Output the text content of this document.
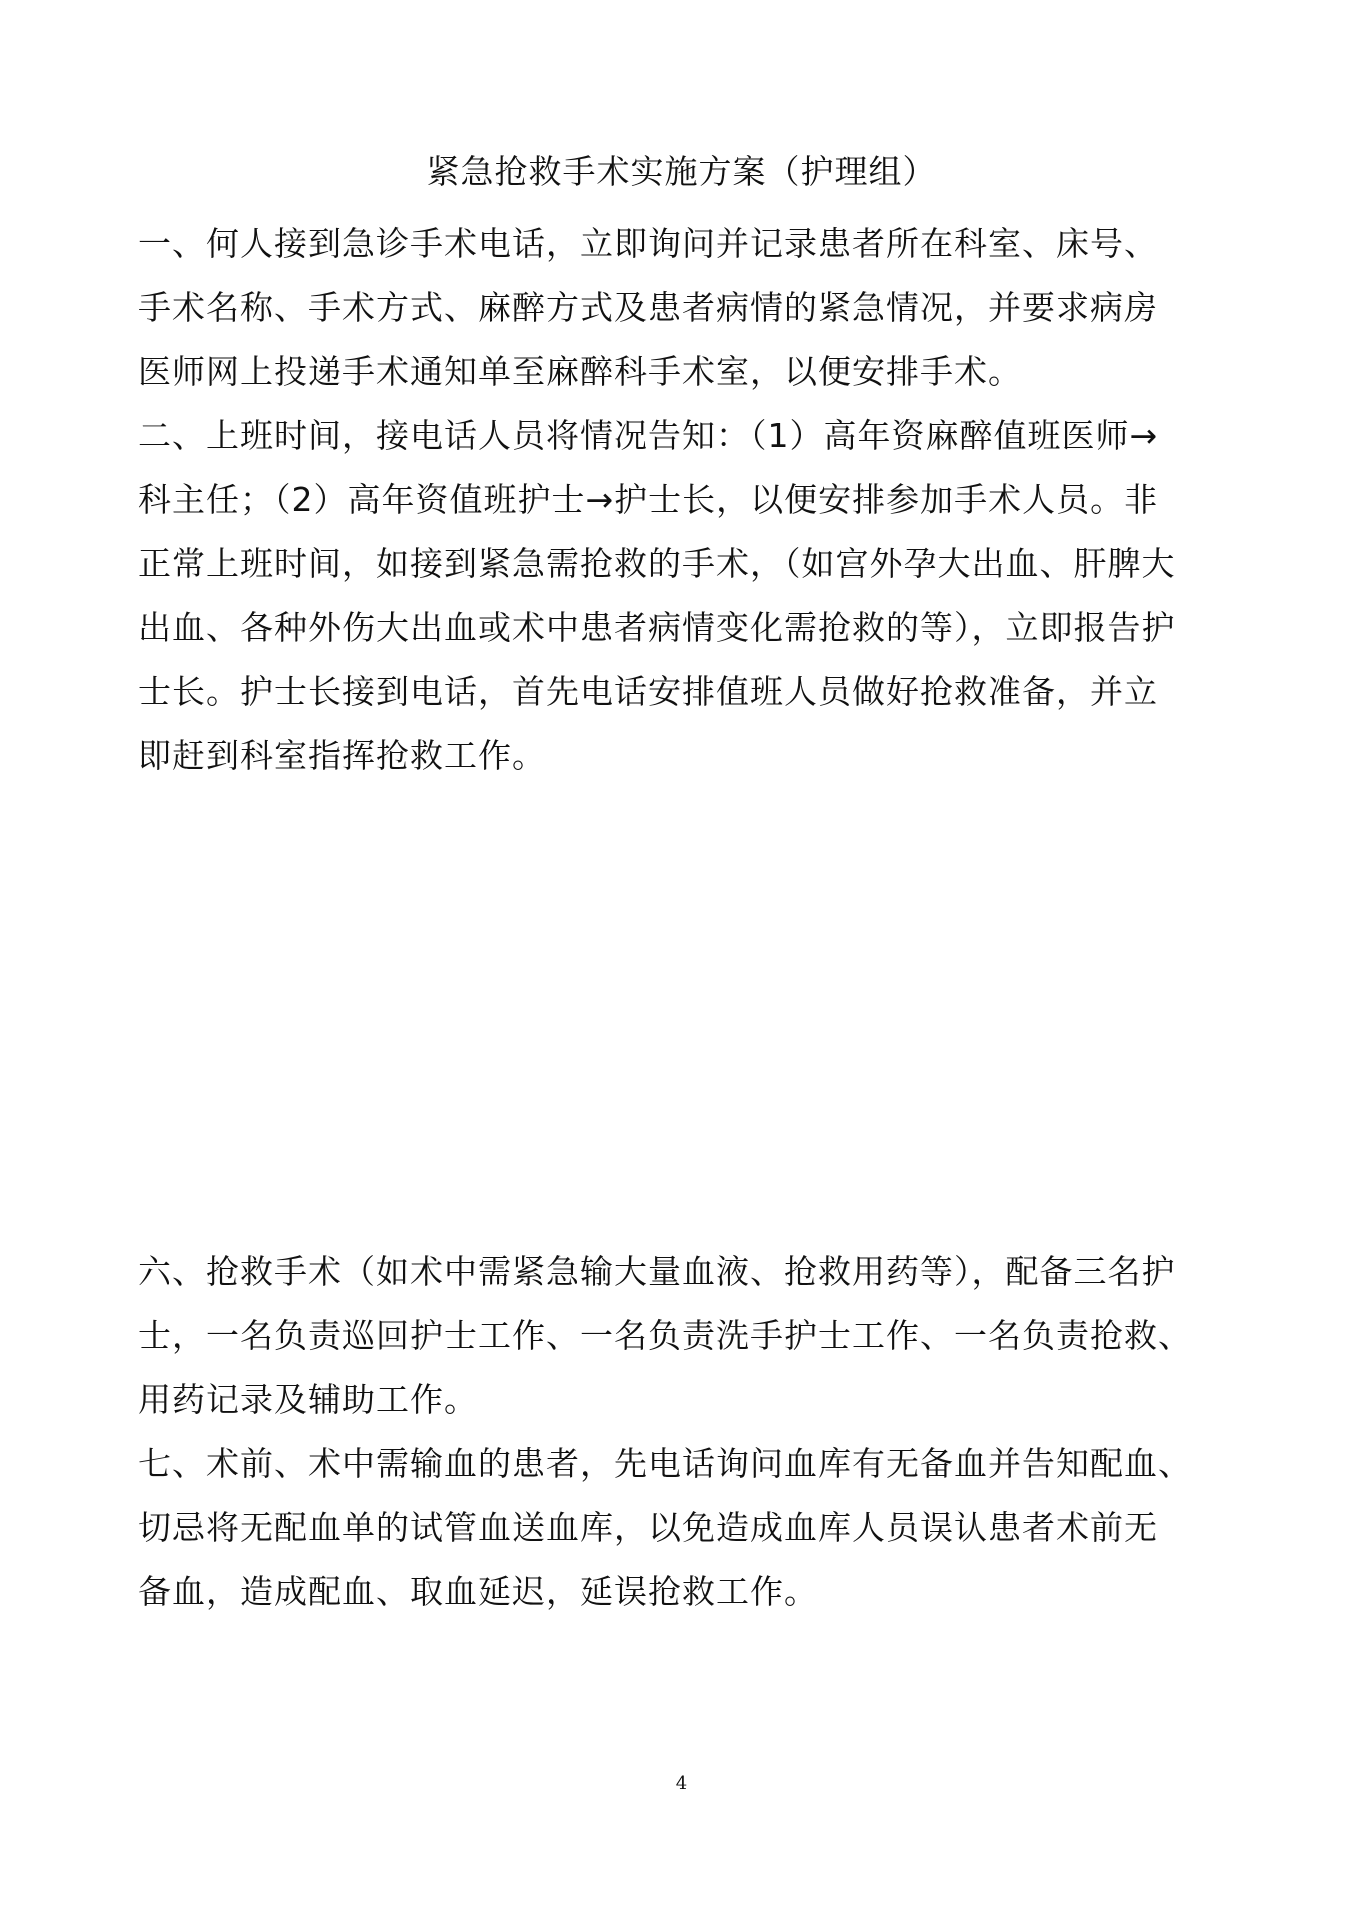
紧急抢救手术实施方案（护理组）
一、何人接到急诊手术电话，立即询问并记录患者所在科室、床号、
手术名称、手术方式、麻醉方式及患者病情的紧急情况，并要求病房
医师网上投递手术通知单至麻醉科手术室，以便安排手术。
二、上班时间，接电话人员将情况告知：（1）高年资麻醉值班医师→
科主任；（2）高年资值班护士→护士长，以便安排参加手术人员。非
正常上班时间，如接到紧急需抢救的手术，（如宫外孕大出血、肝脾大
出血、各种外伤大出血或术中患者病情变化需抢救的等），立即报告护
士长。护士长接到电话，首先电话安排值班人员做好抢救准备，并立
即赶到科室指挥抢救工作。
六、抢救手术（如术中需紧急输大量血液、抢救用药等），配备三名护
士，一名负责巡回护士工作、一名负责洗手护士工作、一名负责抢救、
用药记录及辅助工作。
七、术前、术中需输血的患者，先电话询问血库有无备血并告知配血、
切忌将无配血单的试管血送血库，以免造成血库人员误认患者术前无
备血，造成配血、取血延迟，延误抢救工作。
4
